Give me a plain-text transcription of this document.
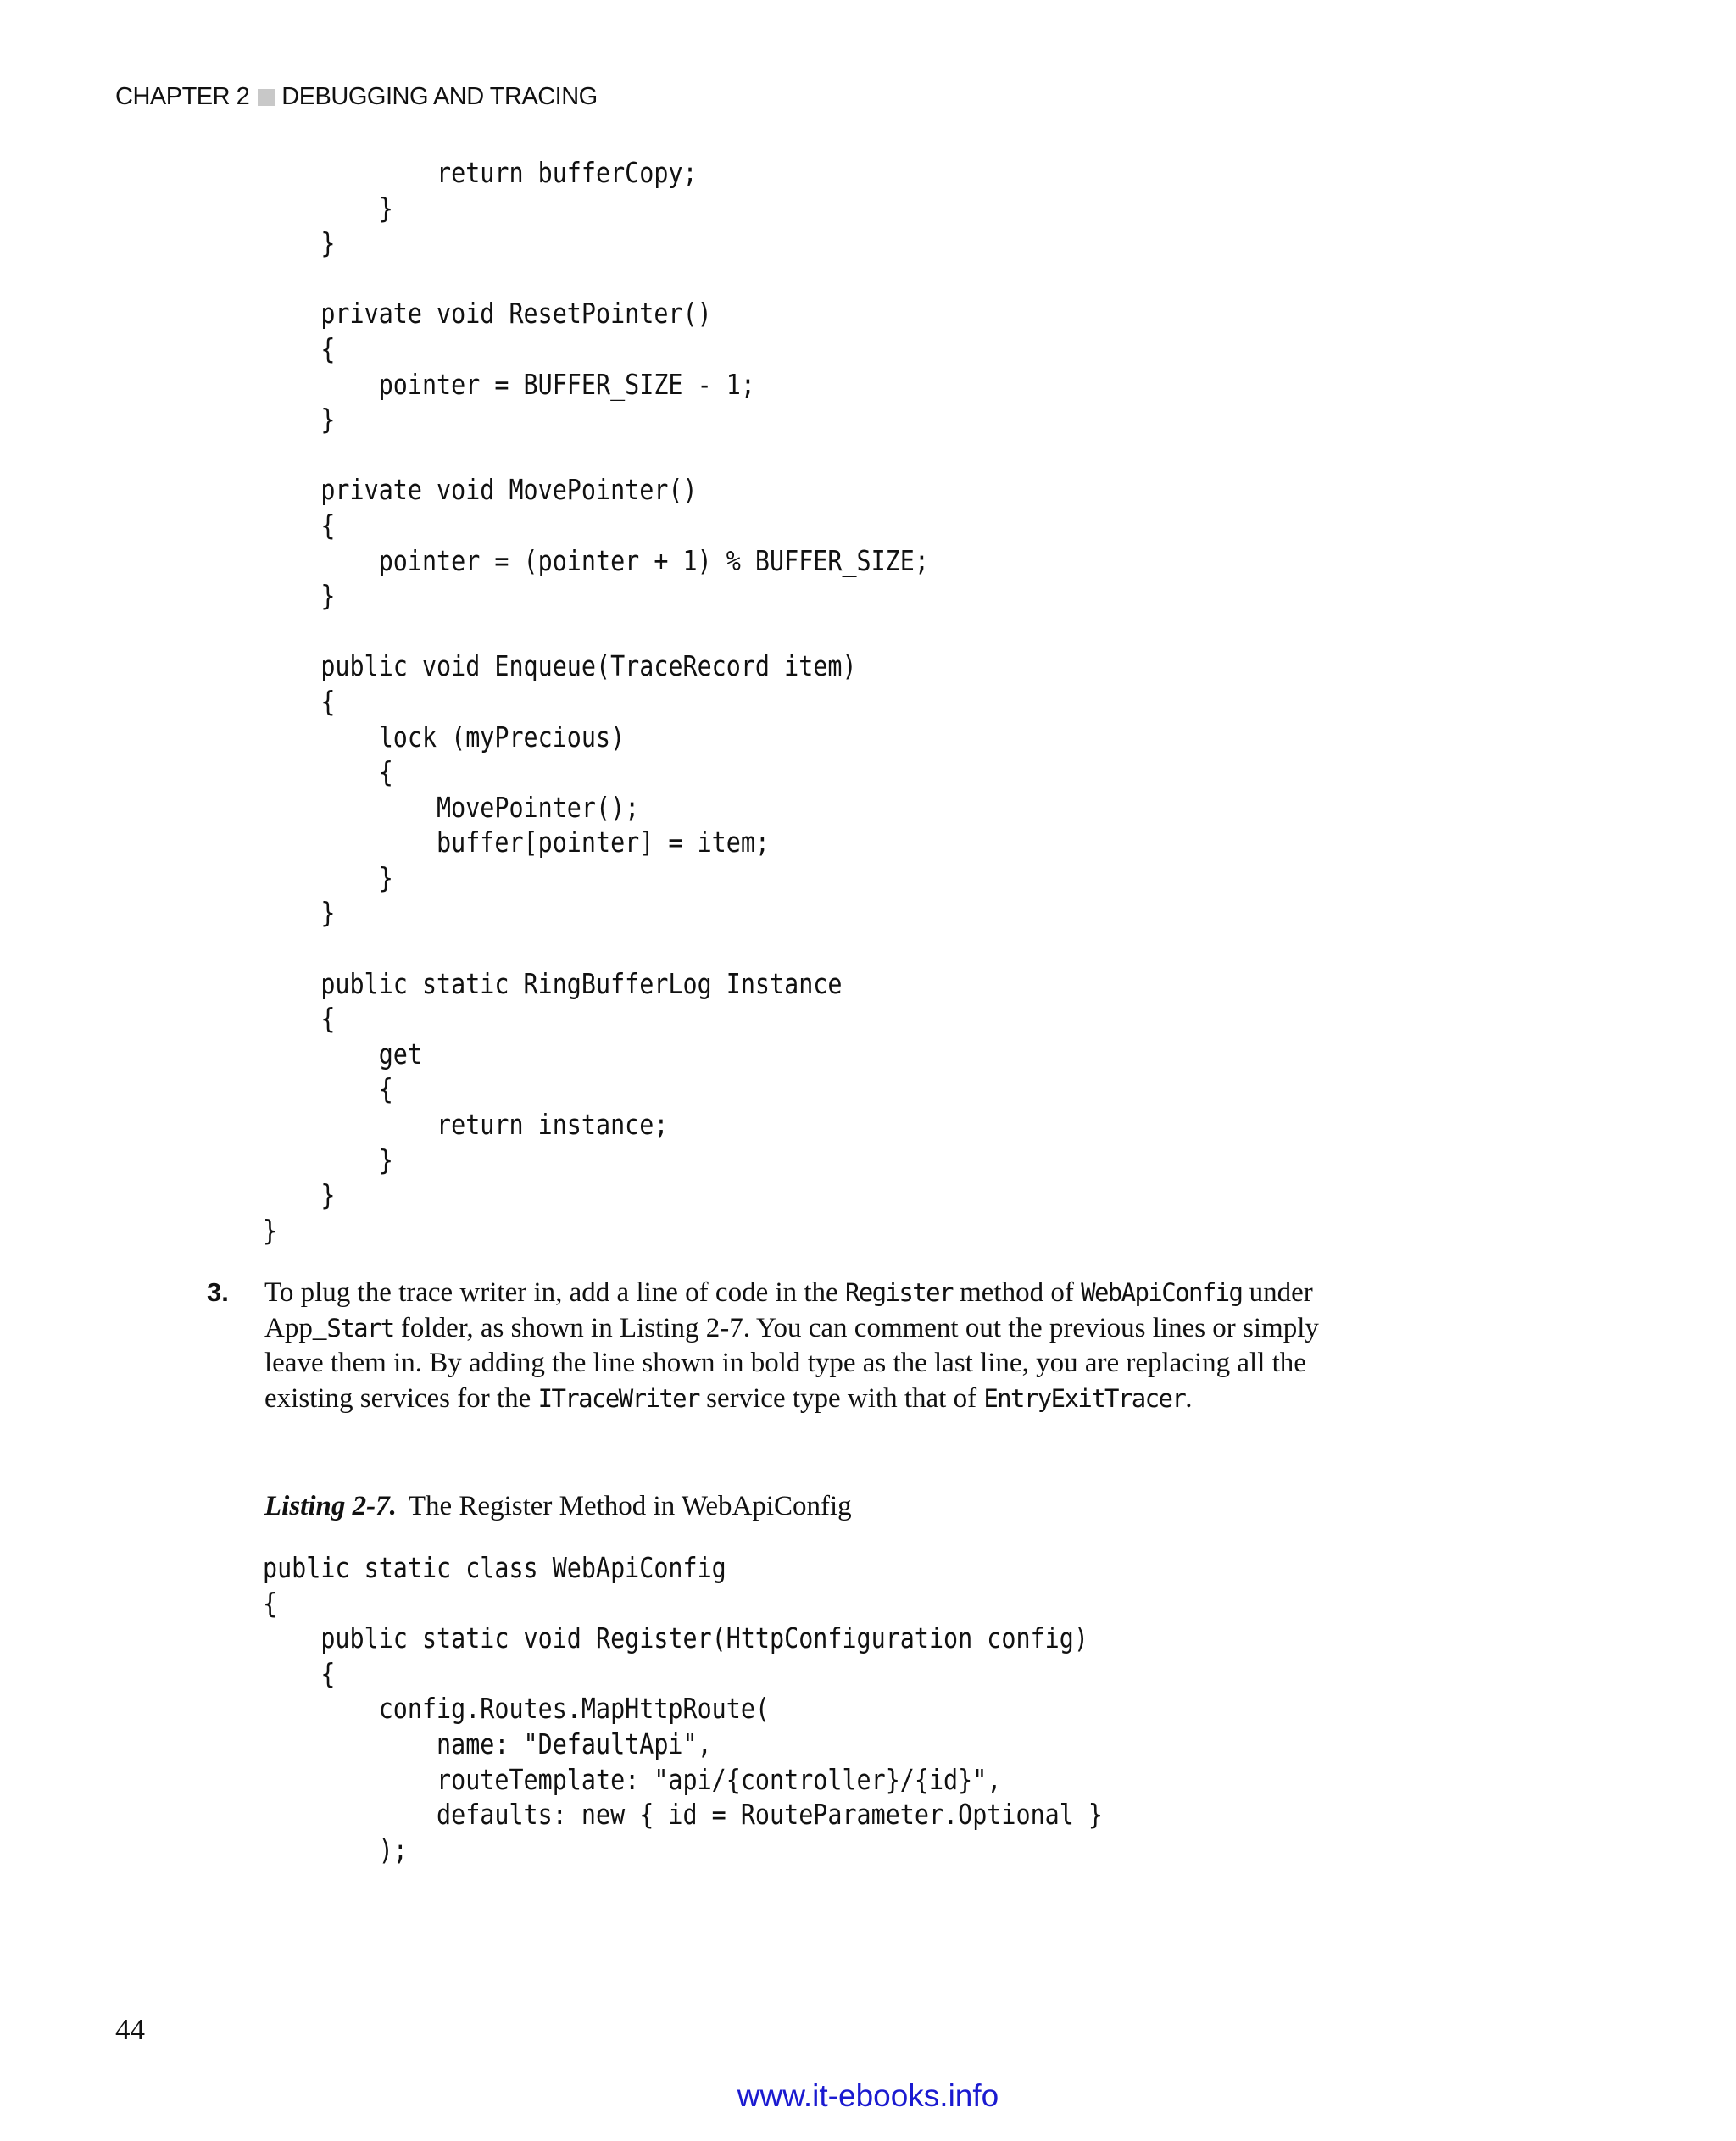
CHAPTER 2 DEBUGGING AND TRACING
return bufferCopy;
}
}

private void ResetPointer()
{
pointer = BUFFER_SIZE - 1;
}

private void MovePointer()
{
pointer = (pointer + 1) % BUFFER_SIZE;
}

public void Enqueue(TraceRecord item)
{
lock (myPrecious)
{
MovePointer();
buffer[pointer] = item;
}
}

public static RingBufferLog Instance
{
get
{
return instance;
}
}
}
3. To plug the trace writer in, add a line of code in the Register method of WebApiConfig under App_Start folder, as shown in Listing 2-7. You can comment out the previous lines or simply leave them in. By adding the line shown in bold type as the last line, you are replacing all the existing services for the ITraceWriter service type with that of EntryExitTracer.
Listing 2-7. The Register Method in WebApiConfig
public static class WebApiConfig
{
public static void Register(HttpConfiguration config)
{
config.Routes.MapHttpRoute(
name: "DefaultApi",
routeTemplate: "api/{controller}/{id}",
defaults: new { id = RouteParameter.Optional }
);
44
www.it-ebooks.info
